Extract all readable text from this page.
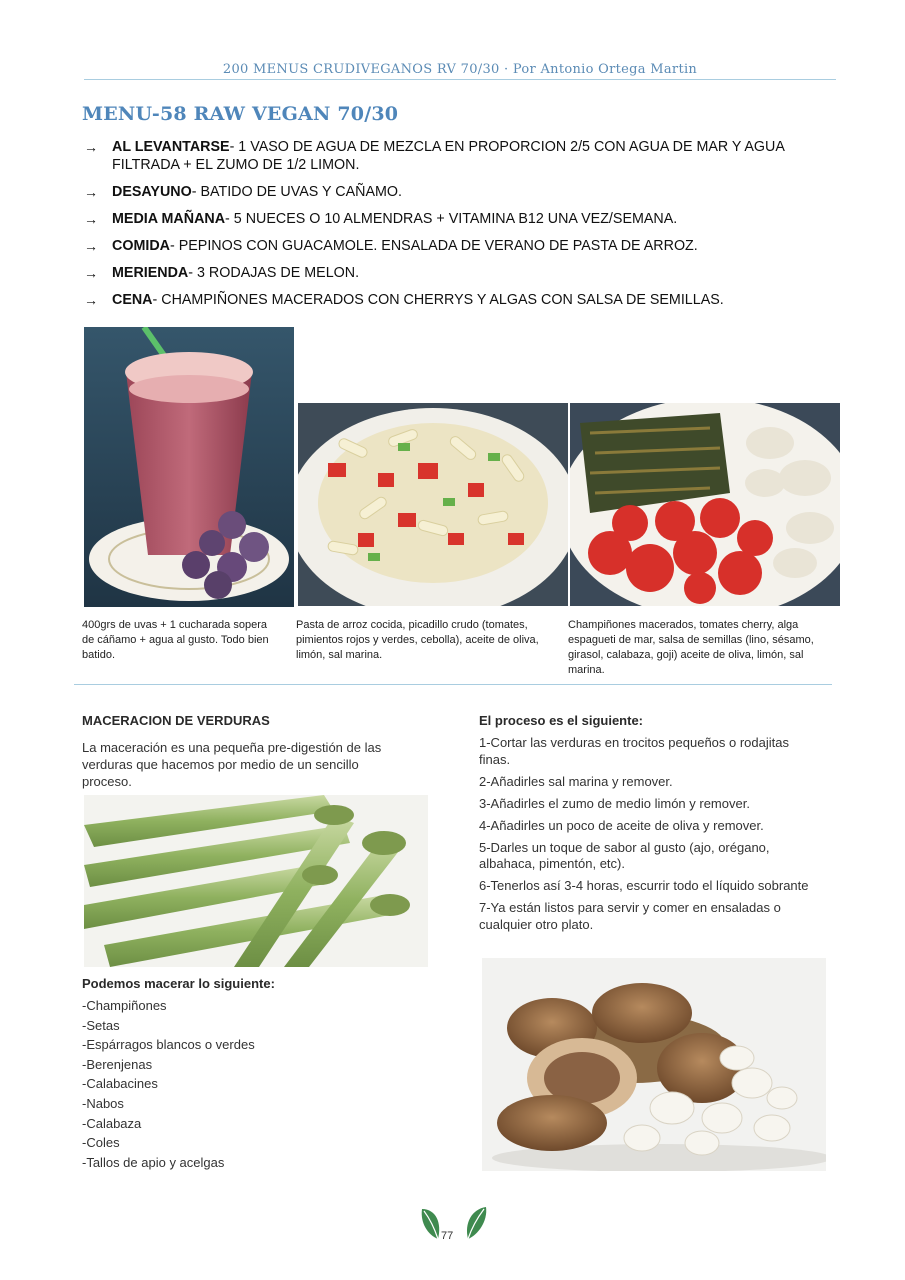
200 MENUS CRUDIVEGANOS RV 70/30 · Por Antonio Ortega Martin
MENU-58 RAW VEGAN 70/30
→ AL LEVANTARSE- 1 VASO DE AGUA DE MEZCLA EN PROPORCION 2/5 CON AGUA DE MAR Y AGUA FILTRADA + EL ZUMO DE 1/2 LIMON.
→ DESAYUNO- BATIDO DE UVAS Y CAÑAMO.
→ MEDIA MAÑANA- 5 NUECES O 10 ALMENDRAS + VITAMINA B12 UNA VEZ/SEMANA.
→ COMIDA- PEPINOS CON GUACAMOLE. ENSALADA DE VERANO DE PASTA DE ARROZ.
→ MERIENDA- 3 RODAJAS DE MELON.
→ CENA- CHAMPIÑONES MACERADOS CON CHERRYS Y ALGAS CON SALSA DE SEMILLAS.
400grs de uvas + 1 cucharada sopera de cáñamo + agua al gusto. Todo bien batido.
Pasta de arroz cocida, picadillo crudo (tomates, pimientos rojos y verdes, cebolla), aceite de oliva, limón, sal marina.
Champiñones macerados, tomates cherry, alga espagueti de mar, salsa de semillas (lino, sésamo, girasol, calabaza, goji) aceite de oliva, limón, sal marina.
MACERACION DE VERDURAS
La maceración es una pequeña pre-digestión de las verduras que hacemos por medio de un sencillo proceso.
Podemos macerar lo siguiente:
-Champiñones
-Setas
-Espárragos blancos o verdes
-Berenjenas
-Calabacines
-Nabos
-Calabaza
-Coles
-Tallos de apio y acelgas
El proceso es el siguiente:
1-Cortar las verduras en trocitos pequeños o rodajitas finas.
2-Añadirles sal marina y remover.
3-Añadirles el zumo de medio limón y remover.
4-Añadirles un poco de aceite de oliva y remover.
5-Darles un toque de sabor al gusto (ajo, orégano, albahaca, pimentón, etc).
6-Tenerlos así 3-4 horas, escurrir todo el líquido sobrante
7-Ya están listos para servir y comer en ensaladas o cualquier otro plato.
77
